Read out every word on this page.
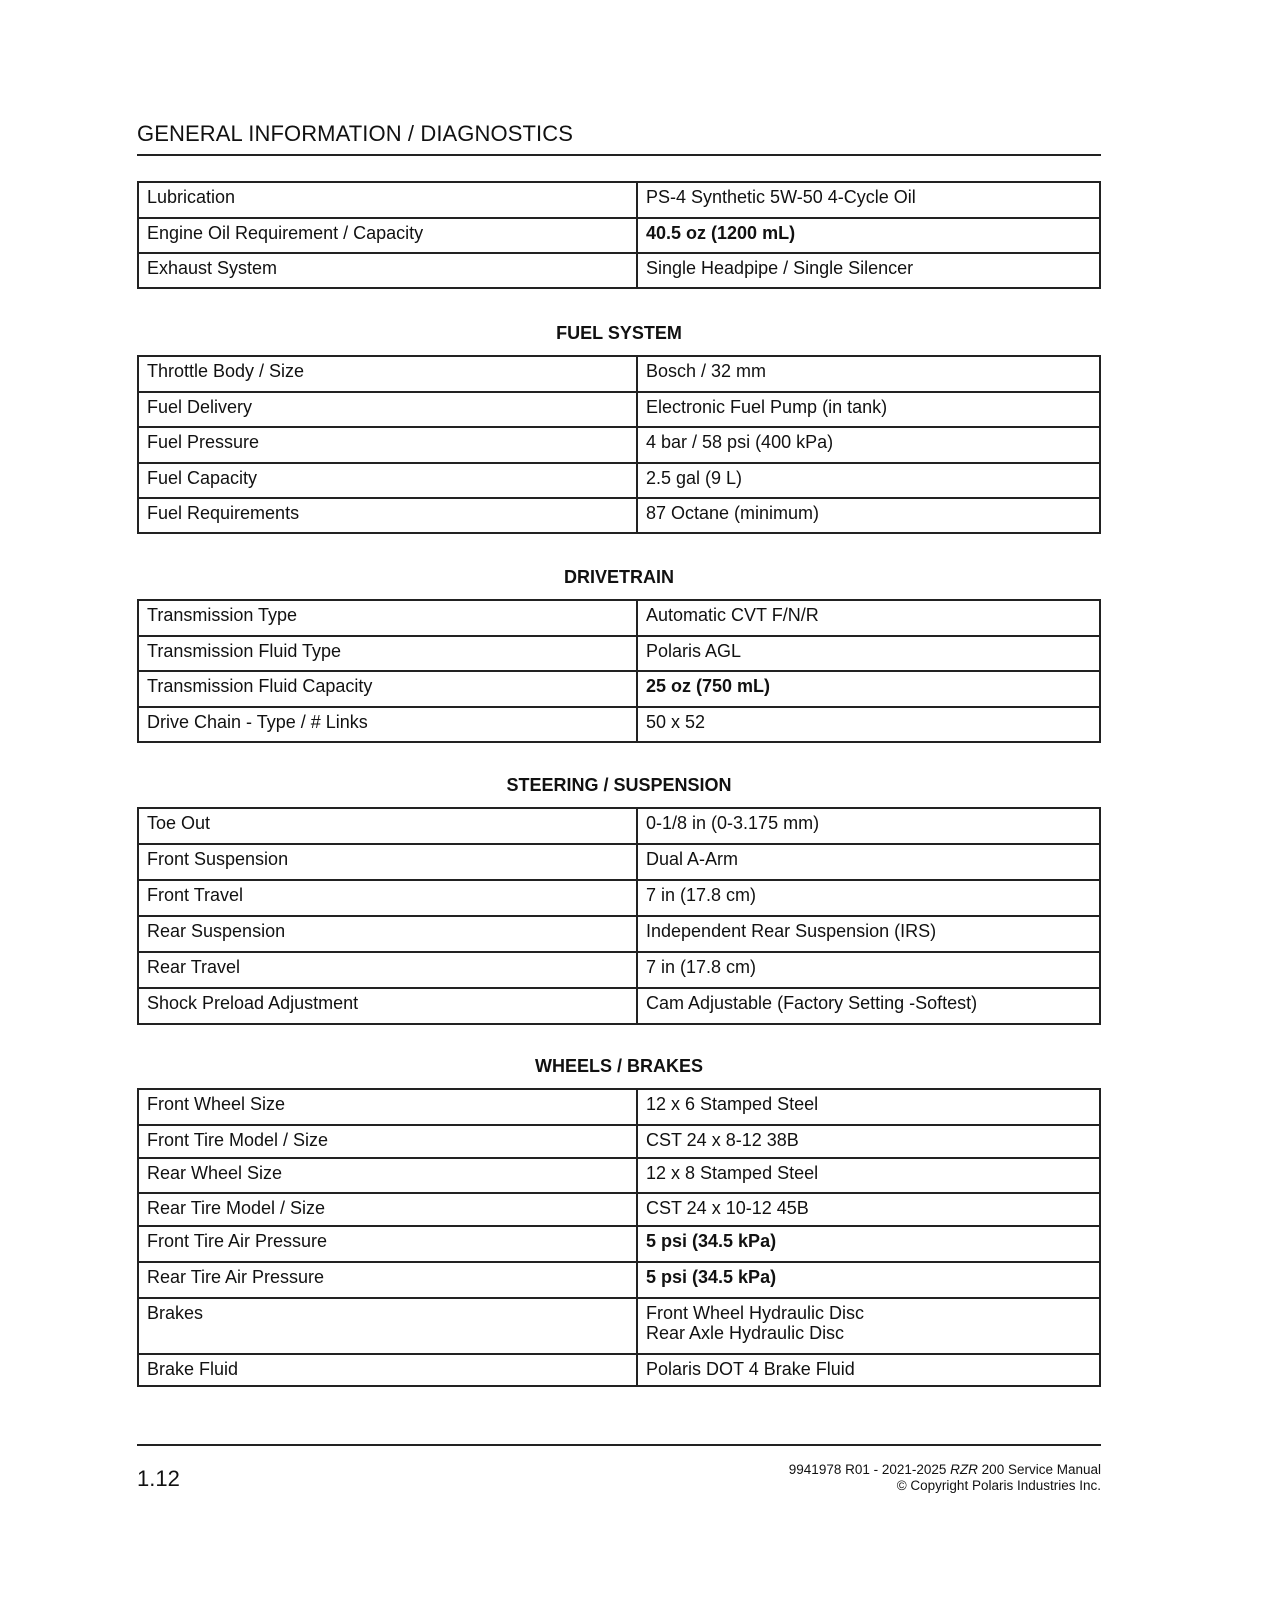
GENERAL INFORMATION / DIAGNOSTICS
Lubrication	PS-4 Synthetic 5W-50 4-Cycle Oil
Engine Oil Requirement / Capacity	40.5 oz (1200 mL)
Exhaust System	Single Headpipe / Single Silencer
FUEL SYSTEM
Throttle Body / Size	Bosch / 32 mm
Fuel Delivery	Electronic Fuel Pump (in tank)
Fuel Pressure	4 bar / 58 psi (400 kPa)
Fuel Capacity	2.5 gal (9 L)
Fuel Requirements	87 Octane (minimum)
DRIVETRAIN
Transmission Type	Automatic CVT F/N/R
Transmission Fluid Type	Polaris AGL
Transmission Fluid Capacity	25 oz (750 mL)
Drive Chain - Type / # Links	50 x 52
STEERING / SUSPENSION
Toe Out	0-1/8 in (0-3.175 mm)
Front Suspension	Dual A-Arm
Front Travel	7 in (17.8 cm)
Rear Suspension	Independent Rear Suspension (IRS)
Rear Travel	7 in (17.8 cm)
Shock Preload Adjustment	Cam Adjustable (Factory Setting -Softest)
WHEELS / BRAKES
Front Wheel Size	12 x 6 Stamped Steel
Front Tire Model / Size	CST 24 x 8-12 38B
Rear Wheel Size	12 x 8 Stamped Steel
Rear Tire Model / Size	CST 24 x 10-12 45B
Front Tire Air Pressure	5 psi (34.5 kPa)
Rear Tire Air Pressure	5 psi (34.5 kPa)
Brakes	Front Wheel Hydraulic Disc
Rear Axle Hydraulic Disc
Brake Fluid	Polaris DOT 4 Brake Fluid
1.12	9941978 R01 - 2021-2025 RZR 200 Service Manual
© Copyright Polaris Industries Inc.
